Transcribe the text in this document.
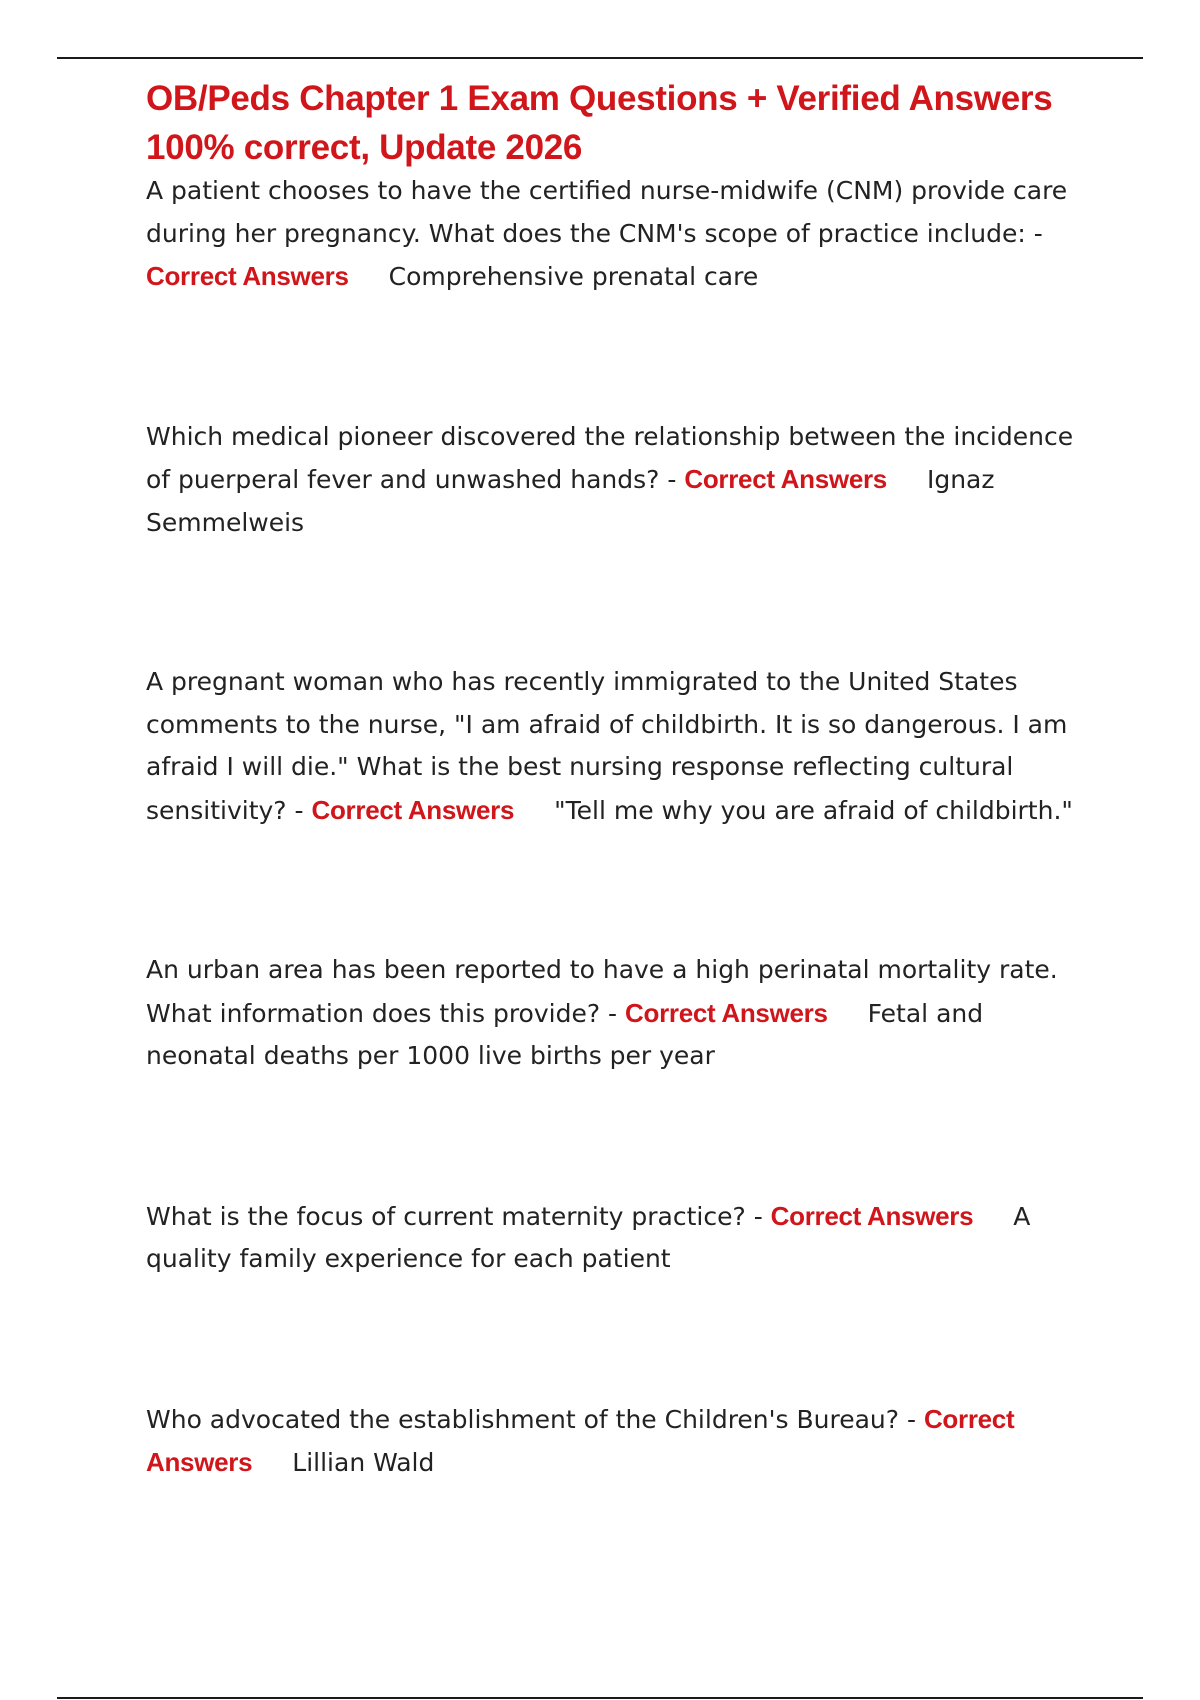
OB/Peds Chapter 1 Exam Questions + Verified Answers 100% correct, Update 2026

A patient chooses to have the certified nurse-midwife (CNM) provide care during her pregnancy. What does the CNM's scope of practice include: - Correct Answers Comprehensive prenatal care

Which medical pioneer discovered the relationship between the incidence of puerperal fever and unwashed hands? - Correct Answers Ignaz Semmelweis

A pregnant woman who has recently immigrated to the United States comments to the nurse, "I am afraid of childbirth. It is so dangerous. I am afraid I will die." What is the best nursing response reflecting cultural sensitivity? - Correct Answers "Tell me why you are afraid of childbirth."

An urban area has been reported to have a high perinatal mortality rate. What information does this provide? - Correct Answers Fetal and neonatal deaths per 1000 live births per year

What is the focus of current maternity practice? - Correct Answers A quality family experience for each patient

Who advocated the establishment of the Children's Bureau? - Correct Answers Lillian Wald
